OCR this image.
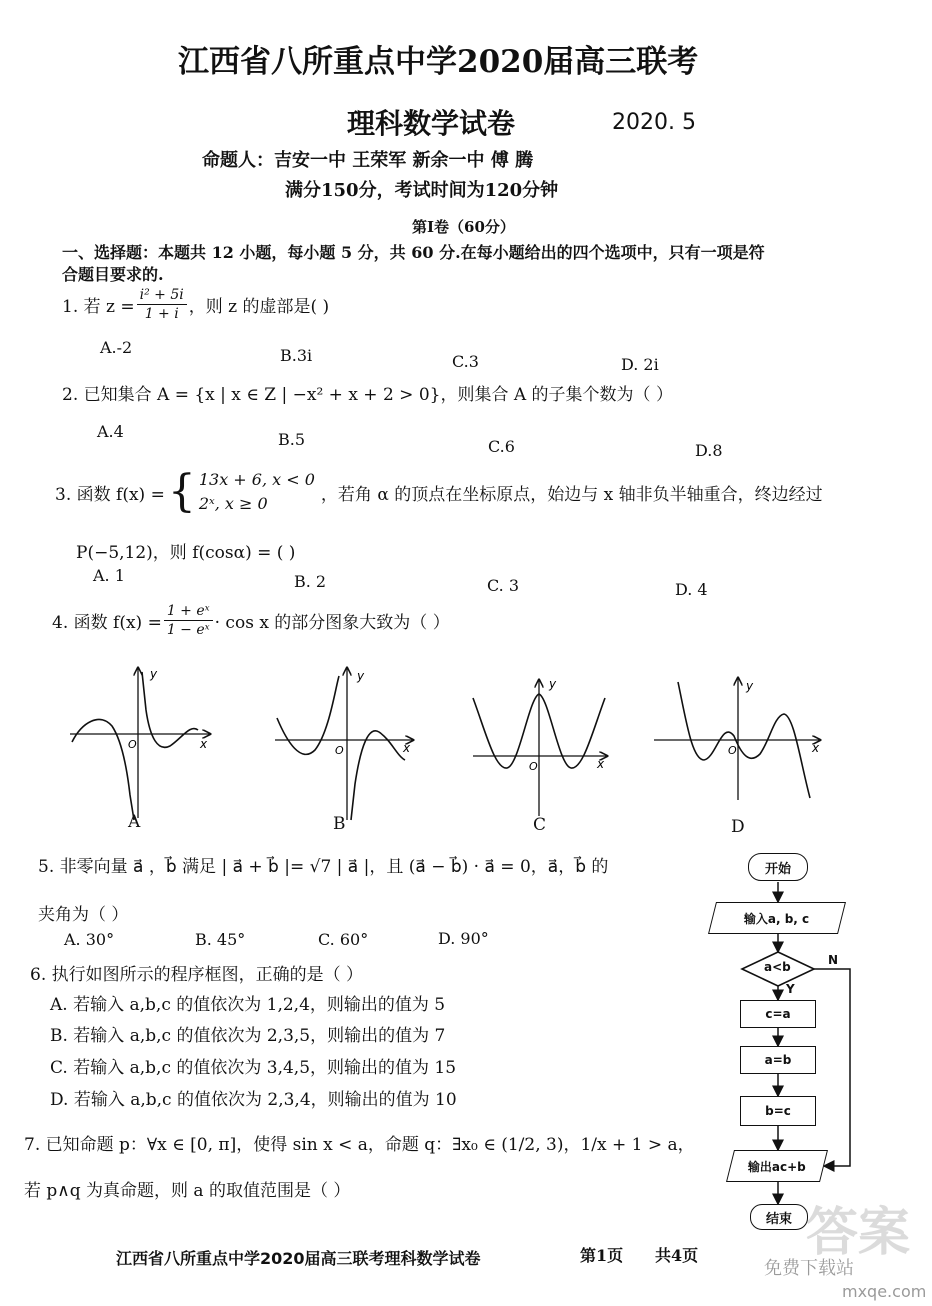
江西省八所重点中学2020届高三联考
理科数学试卷	2020. 5
命题人：吉安一中 王荣军 新余一中 傅 腾
满分150分，考试时间为120分钟
第Ⅰ卷（60分）
一、选择题：本题共 12 小题，每小题 5 分，共 60 分.在每小题给出的四个选项中，只有一项是符
合题目要求的.
1. 若 $z = \frac{\text{i² + 5i}}{1 + i}$ ，则 z 的虚部是( )
A.-2	B.3i	C.3	D. 2i
2. 已知集合 A = {x | x ∈ Z | −x² + x + 2 > 0}，则集合 A 的子集个数为（ ）
A.4	B.5	C.6	D.8
3. 函数 f(x) = { 13x + 6, x < 0
2ˣ, x ≥ 0	，若角 α 的顶点在坐标原点，始边与 x 轴非负半轴重合，终边经过
P(−5,12)，则 f(cosα) = ( )
A. 1	B. 2	C. 3	D. 4
4. 函数 $f(x) = \frac{\text{1 + eˣ}}{\text{1 − eˣ}} \cdot \cos x$ 的部分图象大致为（ ）
y
x
O
y
x
O
y
x
O
y
x
O
A	B	C	D
5. 非零向量 a⃗ ，b⃗ 满足 | a⃗ + b⃗ |= √7 | a⃗ |，且 (a⃗ − b⃗) · a⃗ = 0，a⃗，b⃗ 的
夹角为（ ）
A. 30°	B. 45°	C. 60°	D. 90°
6. 执行如图所示的程序框图，正确的是（ ）
A. 若输入 a,b,c 的值依次为 1,2,4，则输出的值为 5
B. 若输入 a,b,c 的值依次为 2,3,5，则输出的值为 7
C. 若输入 a,b,c 的值依次为 3,4,5，则输出的值为 15
D. 若输入 a,b,c 的值依次为 2,3,4，则输出的值为 10
7. 已知命题 p：∀x ∈ [0, π]，使得 sin x < a，命题 q：∃x₀ ∈ (1/2, 3)，1/x + 1 > a，
若 p∧q 为真命题，则 a 的取值范围是（ ）
开始
输入a, b, c
a<b	N
Y
c=a
a=b
b=c
输出ac+b
结束
江西省八所重点中学2020届高三联考理科数学试卷	第1页 共4页 答案
免费下载站
mxqe.com
